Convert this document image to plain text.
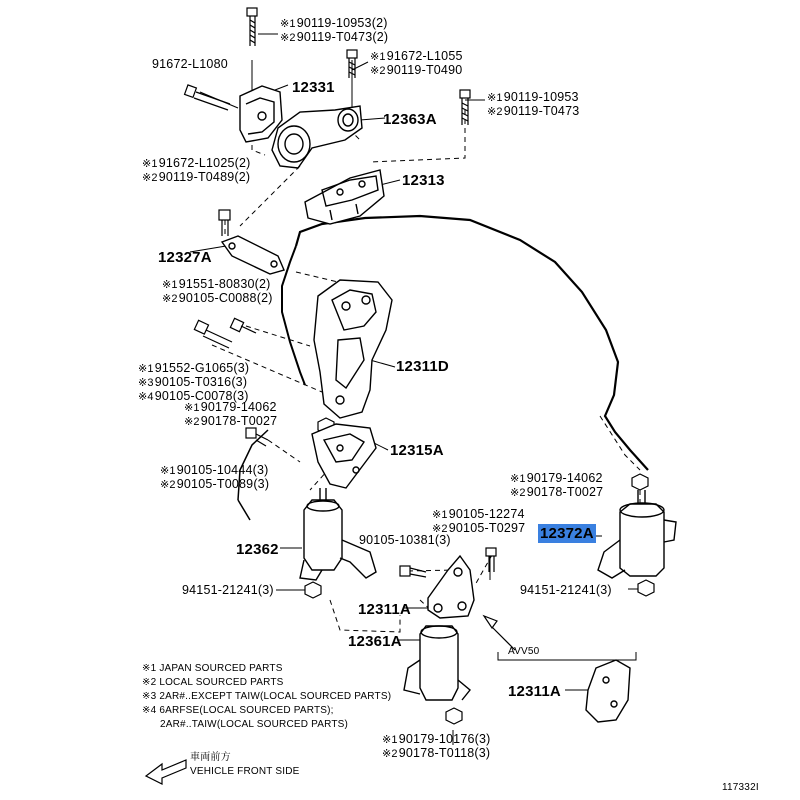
※190119-10953(2)
※290119-T0473(2)
91672-L1080
12331
※191672-L1055
※290119-T0490
※190119-10953
※290119-T0473
12363A
※191672-L1025(2)
※290119-T0489(2)	12313
12327A
※191551-80830(2)
※290105-C0088(2)
12311D
※191552-G1065(3)
※390105-T0316(3)
※490105-C0078(3)
※190179-14062
※290178-T0027
12315A
※190105-10444(3)
※290105-T0089(3)	※190179-14062
※290178-T0027
※190105-12274
※290105-T0297 12372A
90105-10381(3)
12362
94151-21241(3)	94151-21241(3)
12311A
12361A
AVV50
12311A
※190179-10176(3)
※290178-T0118(3)
※1 JAPAN SOURCED PARTS
※2 LOCAL SOURCED PARTS
※3 2AR#..EXCEPT TAIW(LOCAL SOURCED PARTS)
※4 6ARFSE(LOCAL SOURCED PARTS);
2AR#..TAIW(LOCAL SOURCED PARTS)
車両前方
VEHICLE FRONT SIDE
117332I
